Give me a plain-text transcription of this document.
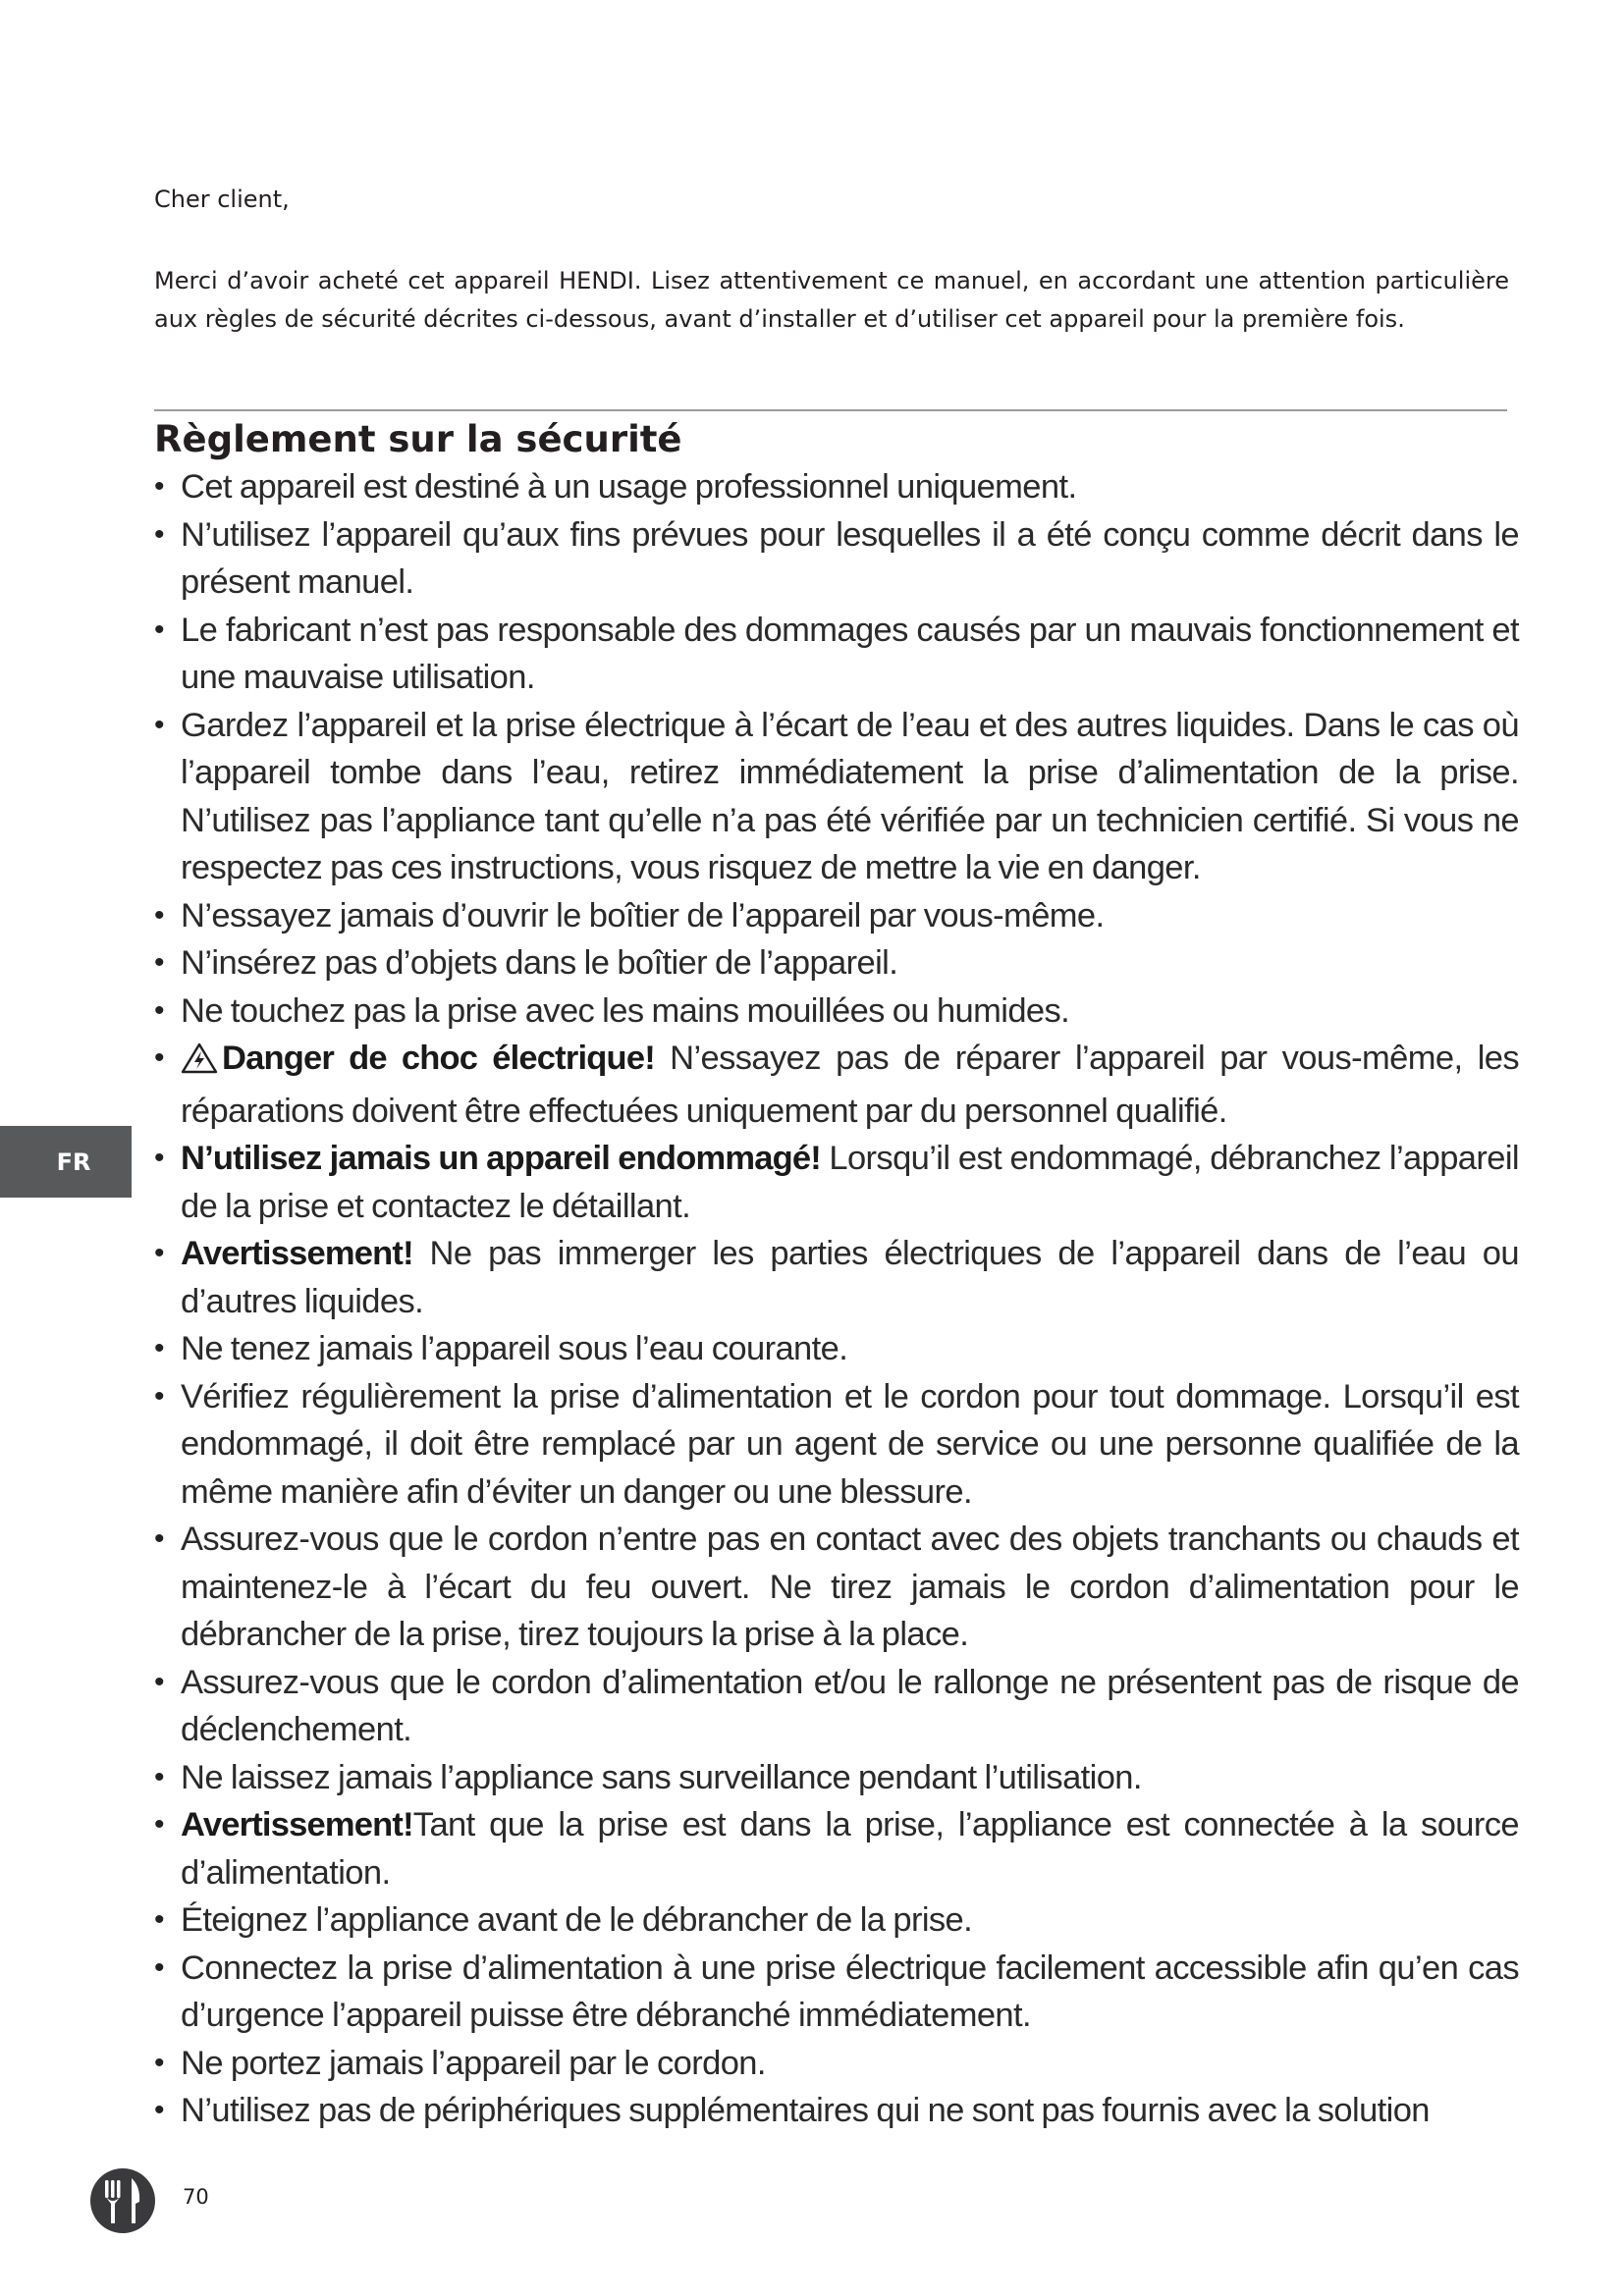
Cher client,
Merci d’avoir acheté cet appareil HENDI. Lisez attentivement ce manuel, en accordant une attention particulière aux règles de sécurité décrites ci-dessous, avant d’installer et d’utiliser cet appareil pour la première fois.
Règlement sur la sécurité
• Cet appareil est destiné à un usage professionnel uniquement.
• N’utilisez l’appareil qu’aux fins prévues pour lesquelles il a été conçu comme décrit dans le présent manuel.
• Le fabricant n’est pas responsable des dommages causés par un mauvais fonctionnement et une mauvaise utilisation.
• Gardez l’appareil et la prise électrique à l’écart de l’eau et des autres liquides. Dans le cas où l’appareil tombe dans l’eau, retirez immédiatement la prise d’alimentation de la prise. N’utilisez pas l’appliance tant qu’elle n’a pas été vérifiée par un technicien certifié. Si vous ne respectez pas ces instructions, vous risquez de mettre la vie en danger.
• N’essayez jamais d’ouvrir le boîtier de l’appareil par vous-même.
• N’insérez pas d’objets dans le boîtier de l’appareil.
• Ne touchez pas la prise avec les mains mouillées ou humides.
• Danger de choc électrique! N’essayez pas de réparer l’appareil par vous-même, les réparations doivent être effectuées uniquement par du personnel qualifié.
• N’utilisez jamais un appareil endommagé! Lorsqu’il est endommagé, débranchez l’appareil de la prise et contactez le détaillant.
• Avertissement! Ne pas immerger les parties électriques de l’appareil dans de l’eau ou d’autres liquides.
• Ne tenez jamais l’appareil sous l’eau courante.
• Vérifiez régulièrement la prise d’alimentation et le cordon pour tout dommage. Lorsqu’il est endommagé, il doit être remplacé par un agent de service ou une personne qualifiée de la même manière afin d’éviter un danger ou une blessure.
• Assurez-vous que le cordon n’entre pas en contact avec des objets tranchants ou chauds et maintenez-le à l’écart du feu ouvert. Ne tirez jamais le cordon d’alimentation pour le débrancher de la prise, tirez toujours la prise à la place.
• Assurez-vous que le cordon d’alimentation et/ou le rallonge ne présentent pas de risque de déclenchement.
• Ne laissez jamais l’appliance sans surveillance pendant l’utilisation.
• Avertissement!Tant que la prise est dans la prise, l’appliance est connectée à la source d’alimentation.
• Éteignez l’appliance avant de le débrancher de la prise.
• Connectez la prise d’alimentation à une prise électrique facilement accessible afin qu’en cas d’urgence l’appareil puisse être débranché immédiatement.
• Ne portez jamais l’appareil par le cordon.
• N’utilisez pas de périphériques supplémentaires qui ne sont pas fournis avec la solution
FR
70
